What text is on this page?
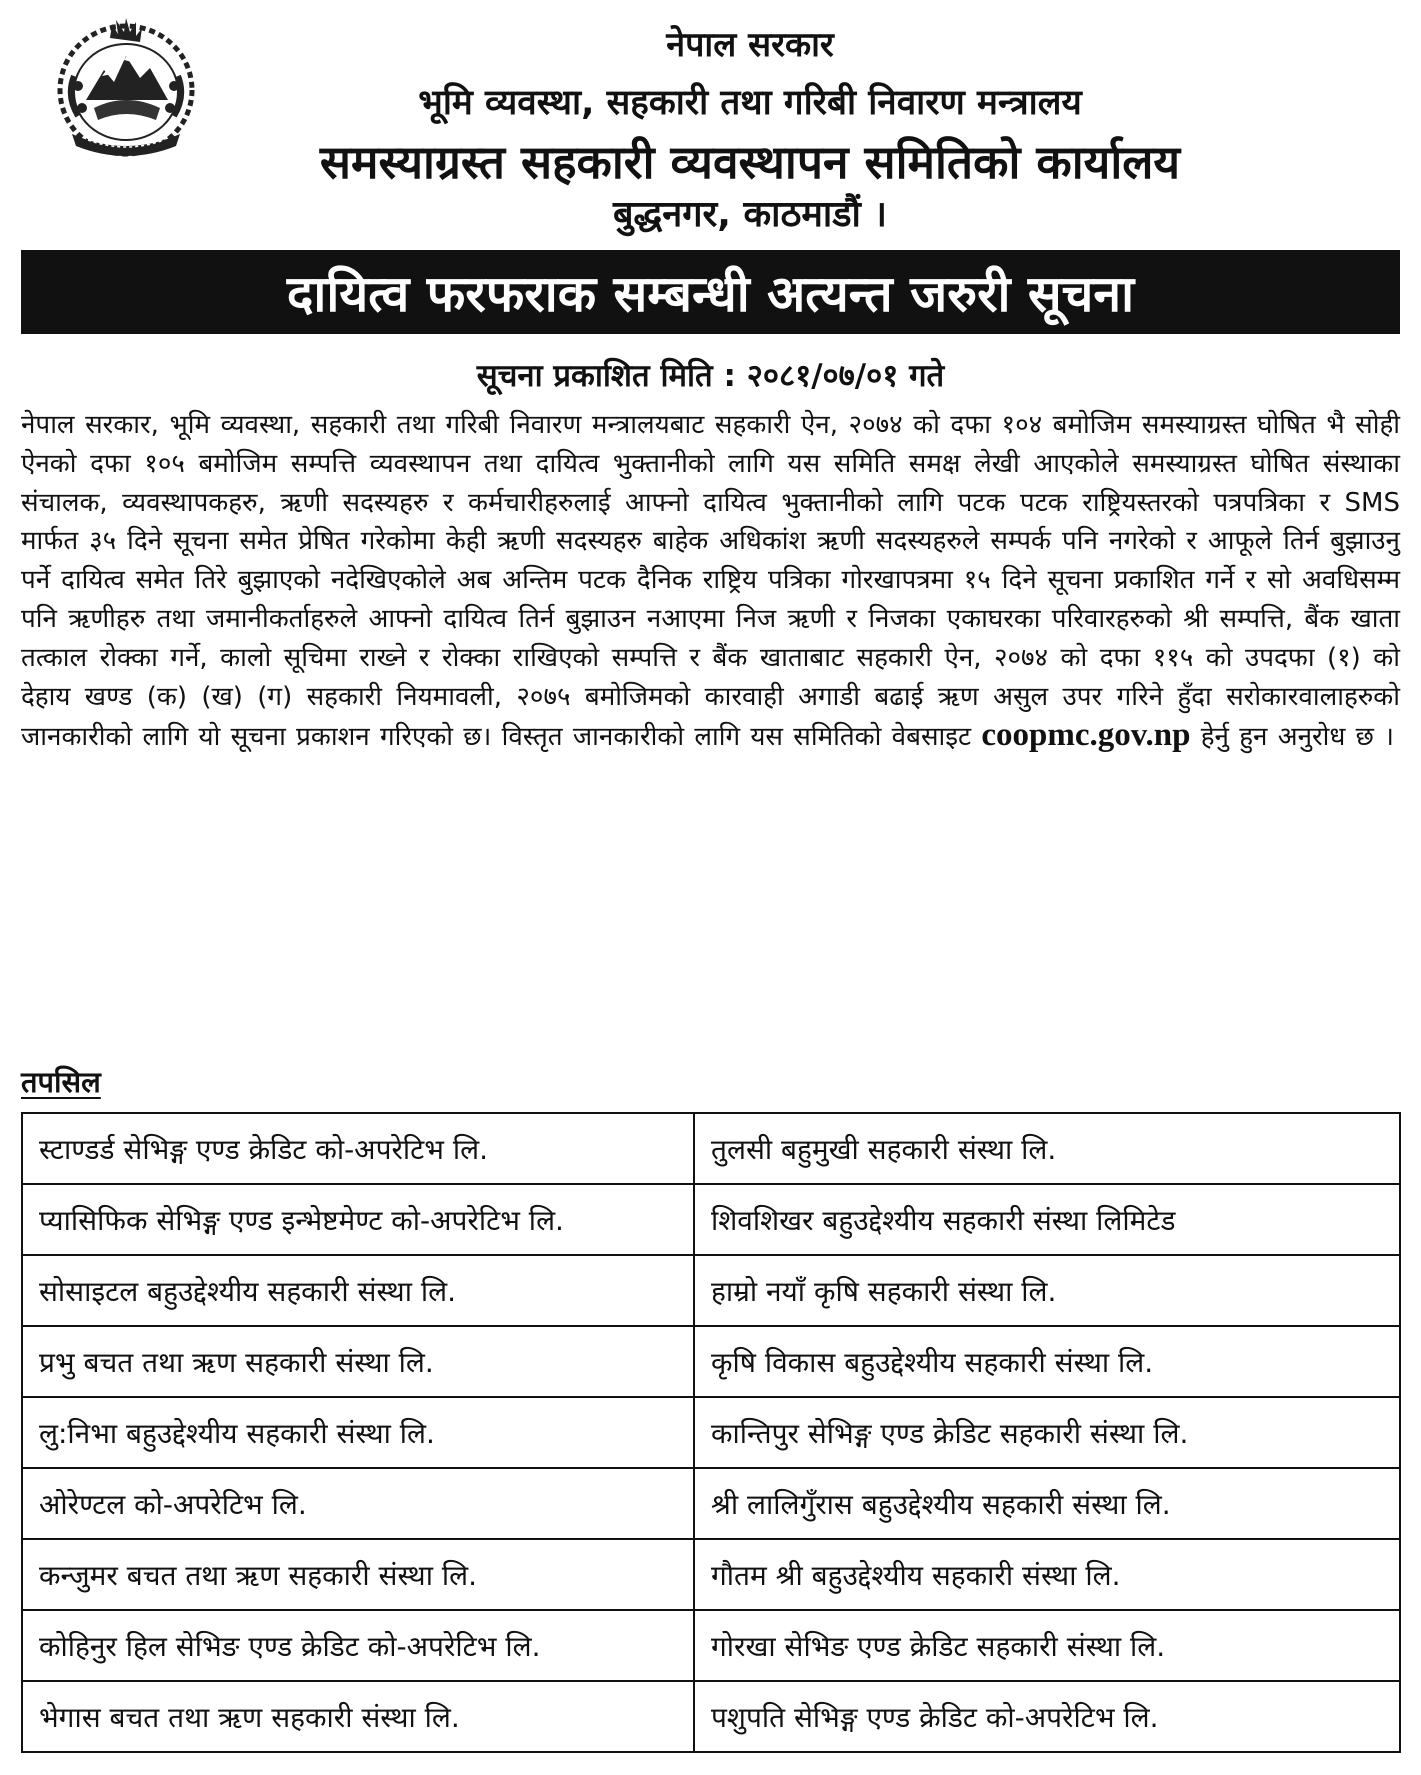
नेपाल सरकार
भूमि व्यवस्था, सहकारी तथा गरिबी निवारण मन्त्रालय
समस्याग्रस्त सहकारी व्यवस्थापन समितिको कार्यालय
बुद्धनगर, काठमाडौं ।
दायित्व फरफराक सम्बन्धी अत्यन्त जरुरी सूचना
सूचना प्रकाशित मिति : २०८१/०७/०१ गते
नेपाल सरकार, भूमि व्यवस्था, सहकारी तथा गरिबी निवारण मन्त्रालयबाट सहकारी ऐन, २०७४ को दफा १०४ बमोजिम समस्याग्रस्त घोषित भै सोही ऐनको दफा १०५ बमोजिम सम्पत्ति व्यवस्थापन तथा दायित्व भुक्तानीको लागि यस समिति समक्ष लेखी आएकोले समस्याग्रस्त घोषित संस्थाका संचालक, व्यवस्थापकहरु, ऋणी सदस्यहरु र कर्मचारीहरुलाई आफ्नो दायित्व भुक्तानीको लागि पटक पटक राष्ट्रियस्तरको पत्रपत्रिका र SMS मार्फत ३५ दिने सूचना समेत प्रेषित गरेकोमा केही ऋणी सदस्यहरु बाहेक अधिकांश ऋणी सदस्यहरुले सम्पर्क पनि नगरेको र आफूले तिर्न बुझाउनु पर्ने दायित्व समेत तिरे बुझाएको नदेखिएकोले अब अन्तिम पटक दैनिक राष्ट्रिय पत्रिका गोरखापत्रमा १५ दिने सूचना प्रकाशित गर्ने र सो अवधिसम्म पनि ऋणीहरु तथा जमानीकर्ताहरुले आफ्नो दायित्व तिर्न बुझाउन नआएमा निज ऋणी र निजका एकाघरका परिवारहरुको श्री सम्पत्ति, बैंक खाता तत्काल रोक्का गर्ने, कालो सूचिमा राख्ने र रोक्का राखिएको सम्पत्ति र बैंक खाताबाट सहकारी ऐन, २०७४ को दफा ११५ को उपदफा (१) को देहाय खण्ड (क) (ख) (ग) सहकारी नियमावली, २०७५ बमोजिमको कारवाही अगाडी बढाई ऋण असुल उपर गरिने हुँदा सरोकारवालाहरुको जानकारीको लागि यो सूचना प्रकाशन गरिएको छ। विस्तृत जानकारीको लागि यस समितिको वेबसाइट coopmc.gov.np हेर्नु हुन अनुरोध छ ।
तपसिल
स्टाण्डर्ड सेभिङ्ग एण्ड क्रेडिट को-अपरेटिभ लि.	तुलसी बहुमुखी सहकारी संस्था लि.
प्यासिफिक सेभिङ्ग एण्ड इन्भेष्टमेण्ट को-अपरेटिभ लि.	शिवशिखर बहुउद्देश्यीय सहकारी संस्था लिमिटेड
सोसाइटल बहुउद्देश्यीय सहकारी संस्था लि.	हाम्रो नयाँ कृषि सहकारी संस्था लि.
प्रभु बचत तथा ऋण सहकारी संस्था लि.	कृषि विकास बहुउद्देश्यीय सहकारी संस्था लि.
लु:निभा बहुउद्देश्यीय सहकारी संस्था लि.	कान्तिपुर सेभिङ्ग एण्ड क्रेडिट सहकारी संस्था लि.
ओरेण्टल को-अपरेटिभ लि.	श्री लालिगुँरास बहुउद्देश्यीय सहकारी संस्था लि.
कन्जुमर बचत तथा ऋण सहकारी संस्था लि.	गौतम श्री बहुउद्देश्यीय सहकारी संस्था लि.
कोहिनुर हिल सेभिङ एण्ड क्रेडिट को-अपरेटिभ लि.	गोरखा सेभिङ एण्ड क्रेडिट सहकारी संस्था लि.
भेगास बचत तथा ऋण सहकारी संस्था लि.	पशुपति सेभिङ्ग एण्ड क्रेडिट को-अपरेटिभ लि.
